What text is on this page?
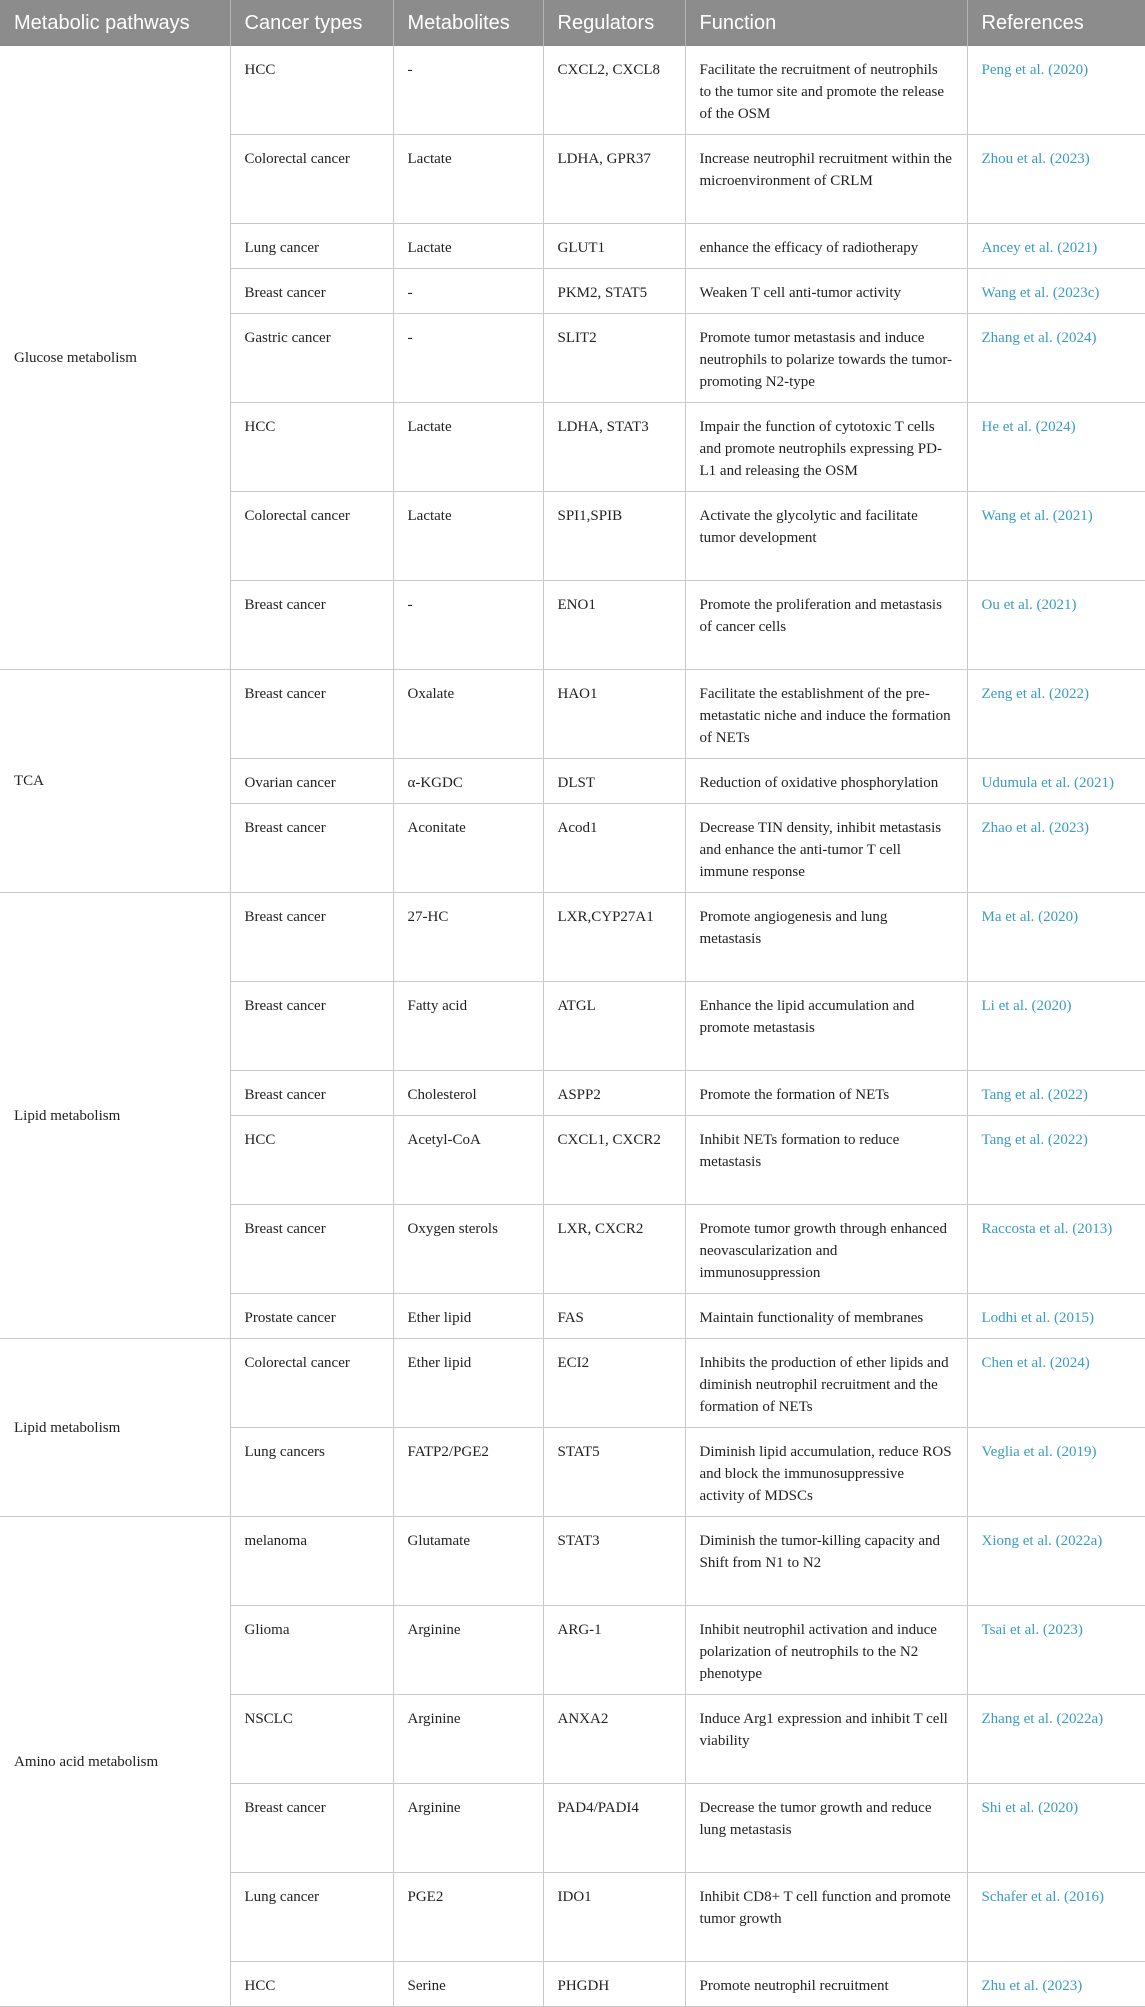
Metabolic pathways	Cancer types	Metabolites	Regulators	Function	References
Glucose metabolism	HCC	-	CXCL2, CXCL8	Facilitate the recruitment of neutrophils to the tumor site and promote the release of the OSM	Peng et al. (2020)
	Colorectal cancer	Lactate	LDHA, GPR37	Increase neutrophil recruitment within the microenvironment of CRLM	Zhou et al. (2023)
	Lung cancer	Lactate	GLUT1	enhance the efficacy of radiotherapy	Ancey et al. (2021)
	Breast cancer	-	PKM2, STAT5	Weaken T cell anti-tumor activity	Wang et al. (2023c)
	Gastric cancer	-	SLIT2	Promote tumor metastasis and induce neutrophils to polarize towards the tumor-promoting N2-type	Zhang et al. (2024)
	HCC	Lactate	LDHA, STAT3	Impair the function of cytotoxic T cells and promote neutrophils expressing PD-L1 and releasing the OSM	He et al. (2024)
	Colorectal cancer	Lactate	SPI1,SPIB	Activate the glycolytic and facilitate tumor development	Wang et al. (2021)
	Breast cancer	-	ENO1	Promote the proliferation and metastasis of cancer cells	Ou et al. (2021)
TCA	Breast cancer	Oxalate	HAO1	Facilitate the establishment of the pre-metastatic niche and induce the formation of NETs	Zeng et al. (2022)
	Ovarian cancer	α-KGDC	DLST	Reduction of oxidative phosphorylation	Udumula et al. (2021)
	Breast cancer	Aconitate	Acod1	Decrease TIN density, inhibit metastasis and enhance the anti-tumor T cell immune response	Zhao et al. (2023)
Lipid metabolism	Breast cancer	27-HC	LXR,CYP27A1	Promote angiogenesis and lung metastasis	Ma et al. (2020)
	Breast cancer	Fatty acid	ATGL	Enhance the lipid accumulation and promote metastasis	Li et al. (2020)
	Breast cancer	Cholesterol	ASPP2	Promote the formation of NETs	Tang et al. (2022)
	HCC	Acetyl-CoA	CXCL1, CXCR2	Inhibit NETs formation to reduce metastasis	Tang et al. (2022)
	Breast cancer	Oxygen sterols	LXR, CXCR2	Promote tumor growth through enhanced neovascularization and immunosuppression	Raccosta et al. (2013)
	Prostate cancer	Ether lipid	FAS	Maintain functionality of membranes	Lodhi et al. (2015)
Lipid metabolism	Colorectal cancer	Ether lipid	ECI2	Inhibits the production of ether lipids and diminish neutrophil recruitment and the formation of NETs	Chen et al. (2024)
	Lung cancers	FATP2/PGE2	STAT5	Diminish lipid accumulation, reduce ROS and block the immunosuppressive activity of MDSCs	Veglia et al. (2019)
Amino acid metabolism	melanoma	Glutamate	STAT3	Diminish the tumor-killing capacity and Shift from N1 to N2	Xiong et al. (2022a)
	Glioma	Arginine	ARG-1	Inhibit neutrophil activation and induce polarization of neutrophils to the N2 phenotype	Tsai et al. (2023)
	NSCLC	Arginine	ANXA2	Induce Arg1 expression and inhibit T cell viability	Zhang et al. (2022a)
	Breast cancer	Arginine	PAD4/PADI4	Decrease the tumor growth and reduce lung metastasis	Shi et al. (2020)
	Lung cancer	PGE2	IDO1	Inhibit CD8+ T cell function and promote tumor growth	Schafer et al. (2016)
	HCC	Serine	PHGDH	Promote neutrophil recruitment	Zhu et al. (2023)
